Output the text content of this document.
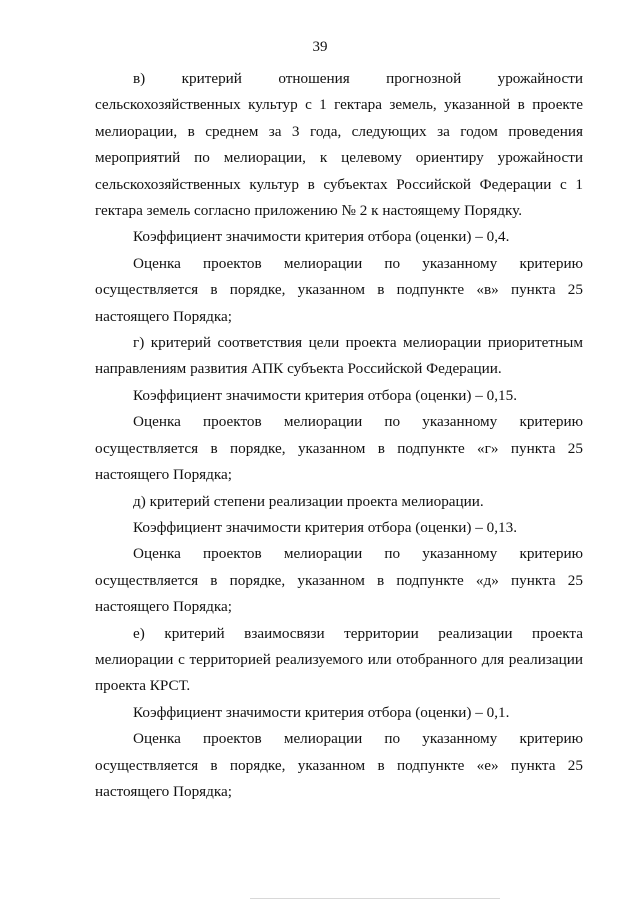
39

в) критерий отношения прогнозной урожайности сельскохозяйственных культур с 1 гектара земель, указанной в проекте мелиорации, в среднем за 3 года, следующих за годом проведения мероприятий по мелиорации, к целевому ориентиру урожайности сельскохозяйственных культур в субъектах Российской Федерации с 1 гектара земель согласно приложению № 2 к настоящему Порядку.

Коэффициент значимости критерия отбора (оценки) – 0,4.

Оценка проектов мелиорации по указанному критерию осуществляется в порядке, указанном в подпункте «в» пункта 25 настоящего Порядка;

г) критерий соответствия цели проекта мелиорации приоритетным направлениям развития АПК субъекта Российской Федерации.

Коэффициент значимости критерия отбора (оценки) – 0,15.

Оценка проектов мелиорации по указанному критерию осуществляется в порядке, указанном в подпункте «г» пункта 25 настоящего Порядка;

д) критерий степени реализации проекта мелиорации.

Коэффициент значимости критерия отбора (оценки) – 0,13.

Оценка проектов мелиорации по указанному критерию осуществляется в порядке, указанном в подпункте «д» пункта 25 настоящего Порядка;

е) критерий взаимосвязи территории реализации проекта мелиорации с территорией реализуемого или отобранного для реализации проекта КРСТ.

Коэффициент значимости критерия отбора (оценки) – 0,1.

Оценка проектов мелиорации по указанному критерию осуществляется в порядке, указанном в подпункте «е» пункта 25 настоящего Порядка;
